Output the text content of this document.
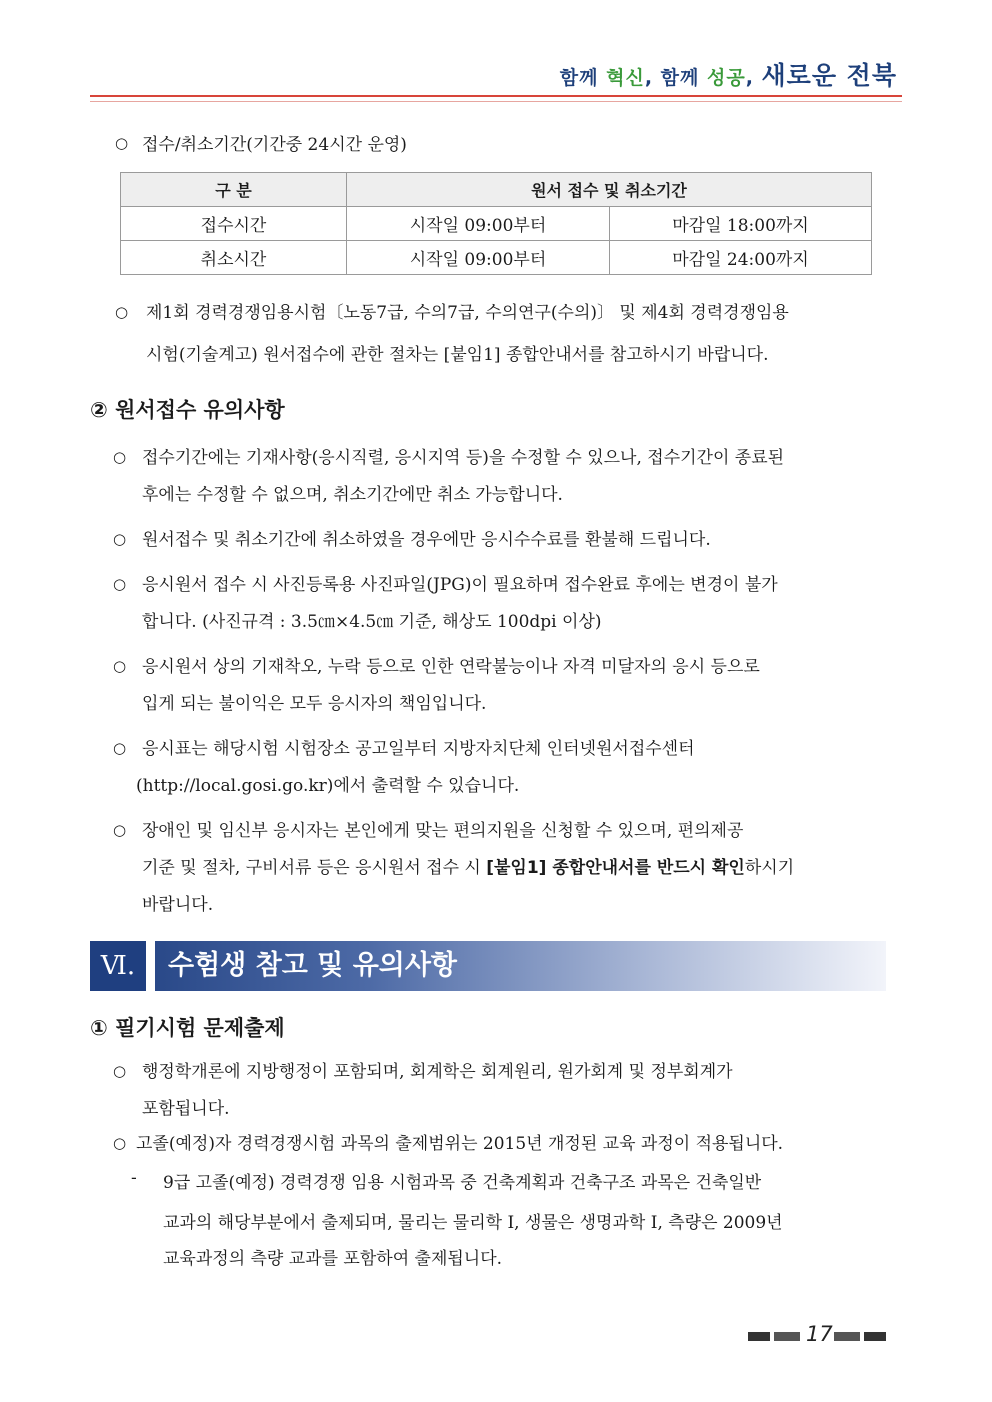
함께 혁신, 함께 성공, 새로운 전북
○ 접수/취소기간(기간중 24시간 운영)
구 분	원서 접수 및 취소기간	
접수시간	시작일 09:00부터	마감일 18:00까지
취소시간	시작일 09:00부터	마감일 24:00까지
○ 제1회 경력경쟁임용시험〔노동7급, 수의7급, 수의연구(수의)〕 및 제4회 경력경쟁임용
시험(기술계고) 원서접수에 관한 절차는 [붙임1] 종합안내서를 참고하시기 바랍니다.
② 원서접수 유의사항
○ 접수기간에는 기재사항(응시직렬, 응시지역 등)을 수정할 수 있으나, 접수기간이 종료된
후에는 수정할 수 없으며, 취소기간에만 취소 가능합니다.
○ 원서접수 및 취소기간에 취소하였을 경우에만 응시수수료를 환불해 드립니다.
○ 응시원서 접수 시 사진등록용 사진파일(JPG)이 필요하며 접수완료 후에는 변경이 불가
합니다. (사진규격 : 3.5㎝×4.5㎝ 기준, 해상도 100dpi 이상)
○ 응시원서 상의 기재착오, 누락 등으로 인한 연락불능이나 자격 미달자의 응시 등으로
입게 되는 불이익은 모두 응시자의 책임입니다.
○ 응시표는 해당시험 시험장소 공고일부터 지방자치단체 인터넷원서접수센터
(http://local.gosi.go.kr)에서 출력할 수 있습니다.
○ 장애인 및 임신부 응시자는 본인에게 맞는 편의지원을 신청할 수 있으며, 편의제공
기준 및 절차, 구비서류 등은 응시원서 접수 시 [붙임1] 종합안내서를 반드시 확인하시기
바랍니다.
Ⅵ.	수험생 참고 및 유의사항
① 필기시험 문제출제
○ 행정학개론에 지방행정이 포함되며, 회계학은 회계원리, 원가회계 및 정부회계가
포함됩니다.
○ 고졸(예정)자 경력경쟁시험 과목의 출제범위는 2015년 개정된 교육 과정이 적용됩니다.
- 9급 고졸(예정) 경력경쟁 임용 시험과목 중 건축계획과 건축구조 과목은 건축일반
교과의 해당부분에서 출제되며, 물리는 물리학 Ⅰ, 생물은 생명과학 Ⅰ, 측량은 2009년
교육과정의 측량 교과를 포함하여 출제됩니다.
17
